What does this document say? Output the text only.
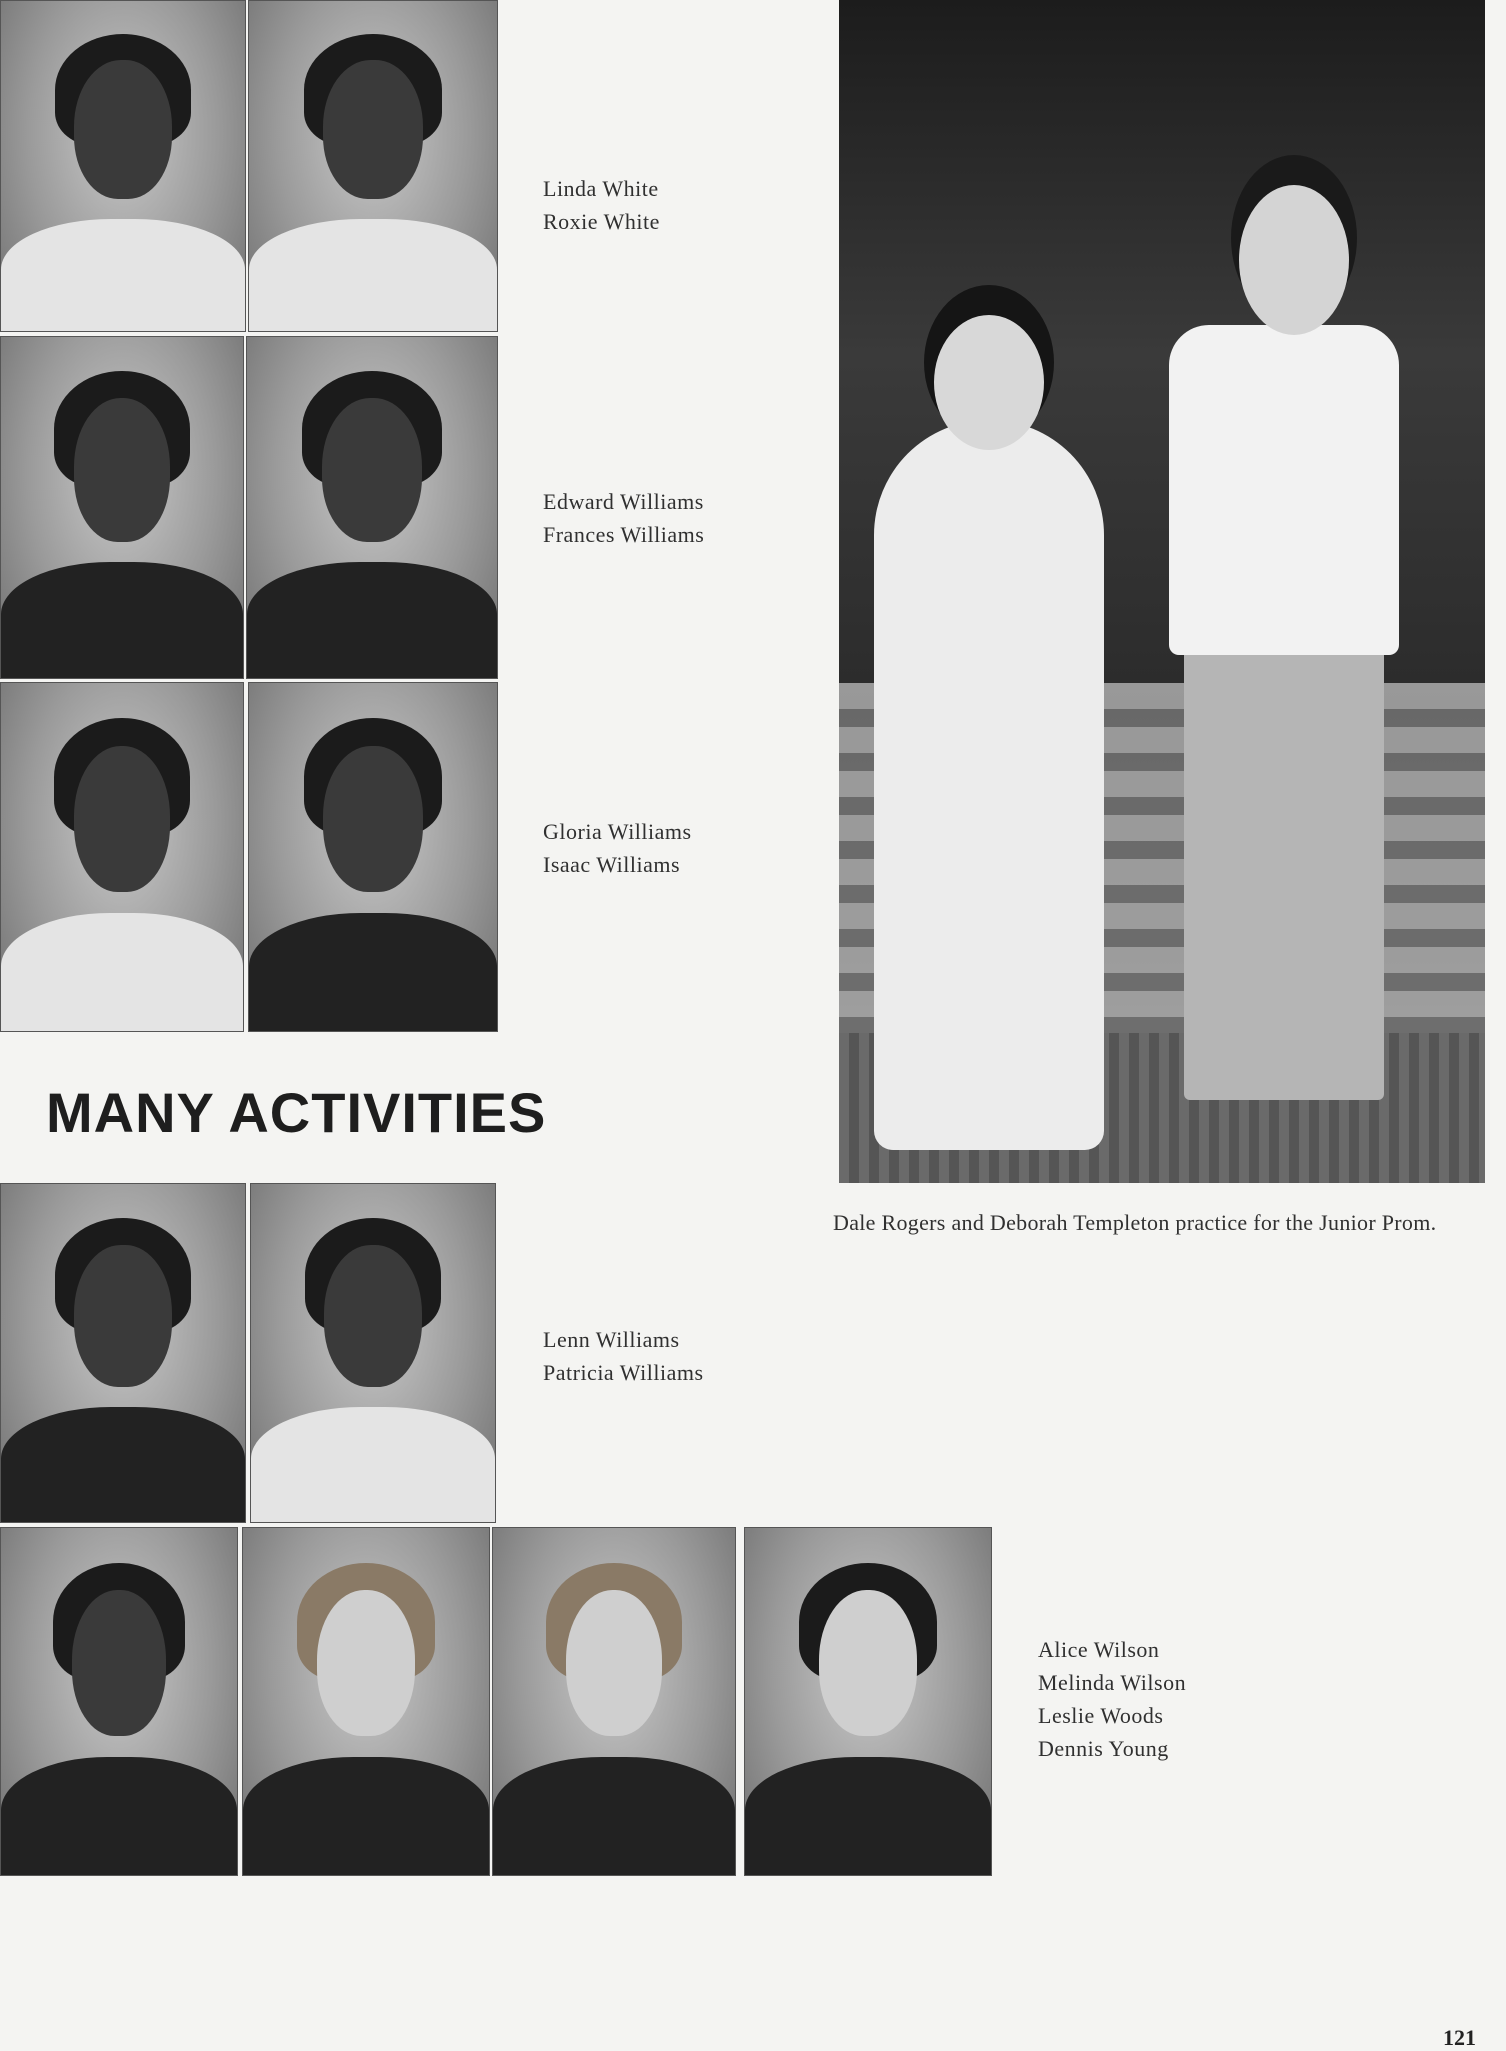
Linda White
Roxie White
Edward Williams
Frances Williams
Gloria Williams
Isaac Williams
MANY ACTIVITIES
Lenn Williams
Patricia Williams
Alice Wilson
Melinda Wilson
Leslie Woods
Dennis Young
Dale Rogers and Deborah Templeton practice for the Junior Prom.
121
